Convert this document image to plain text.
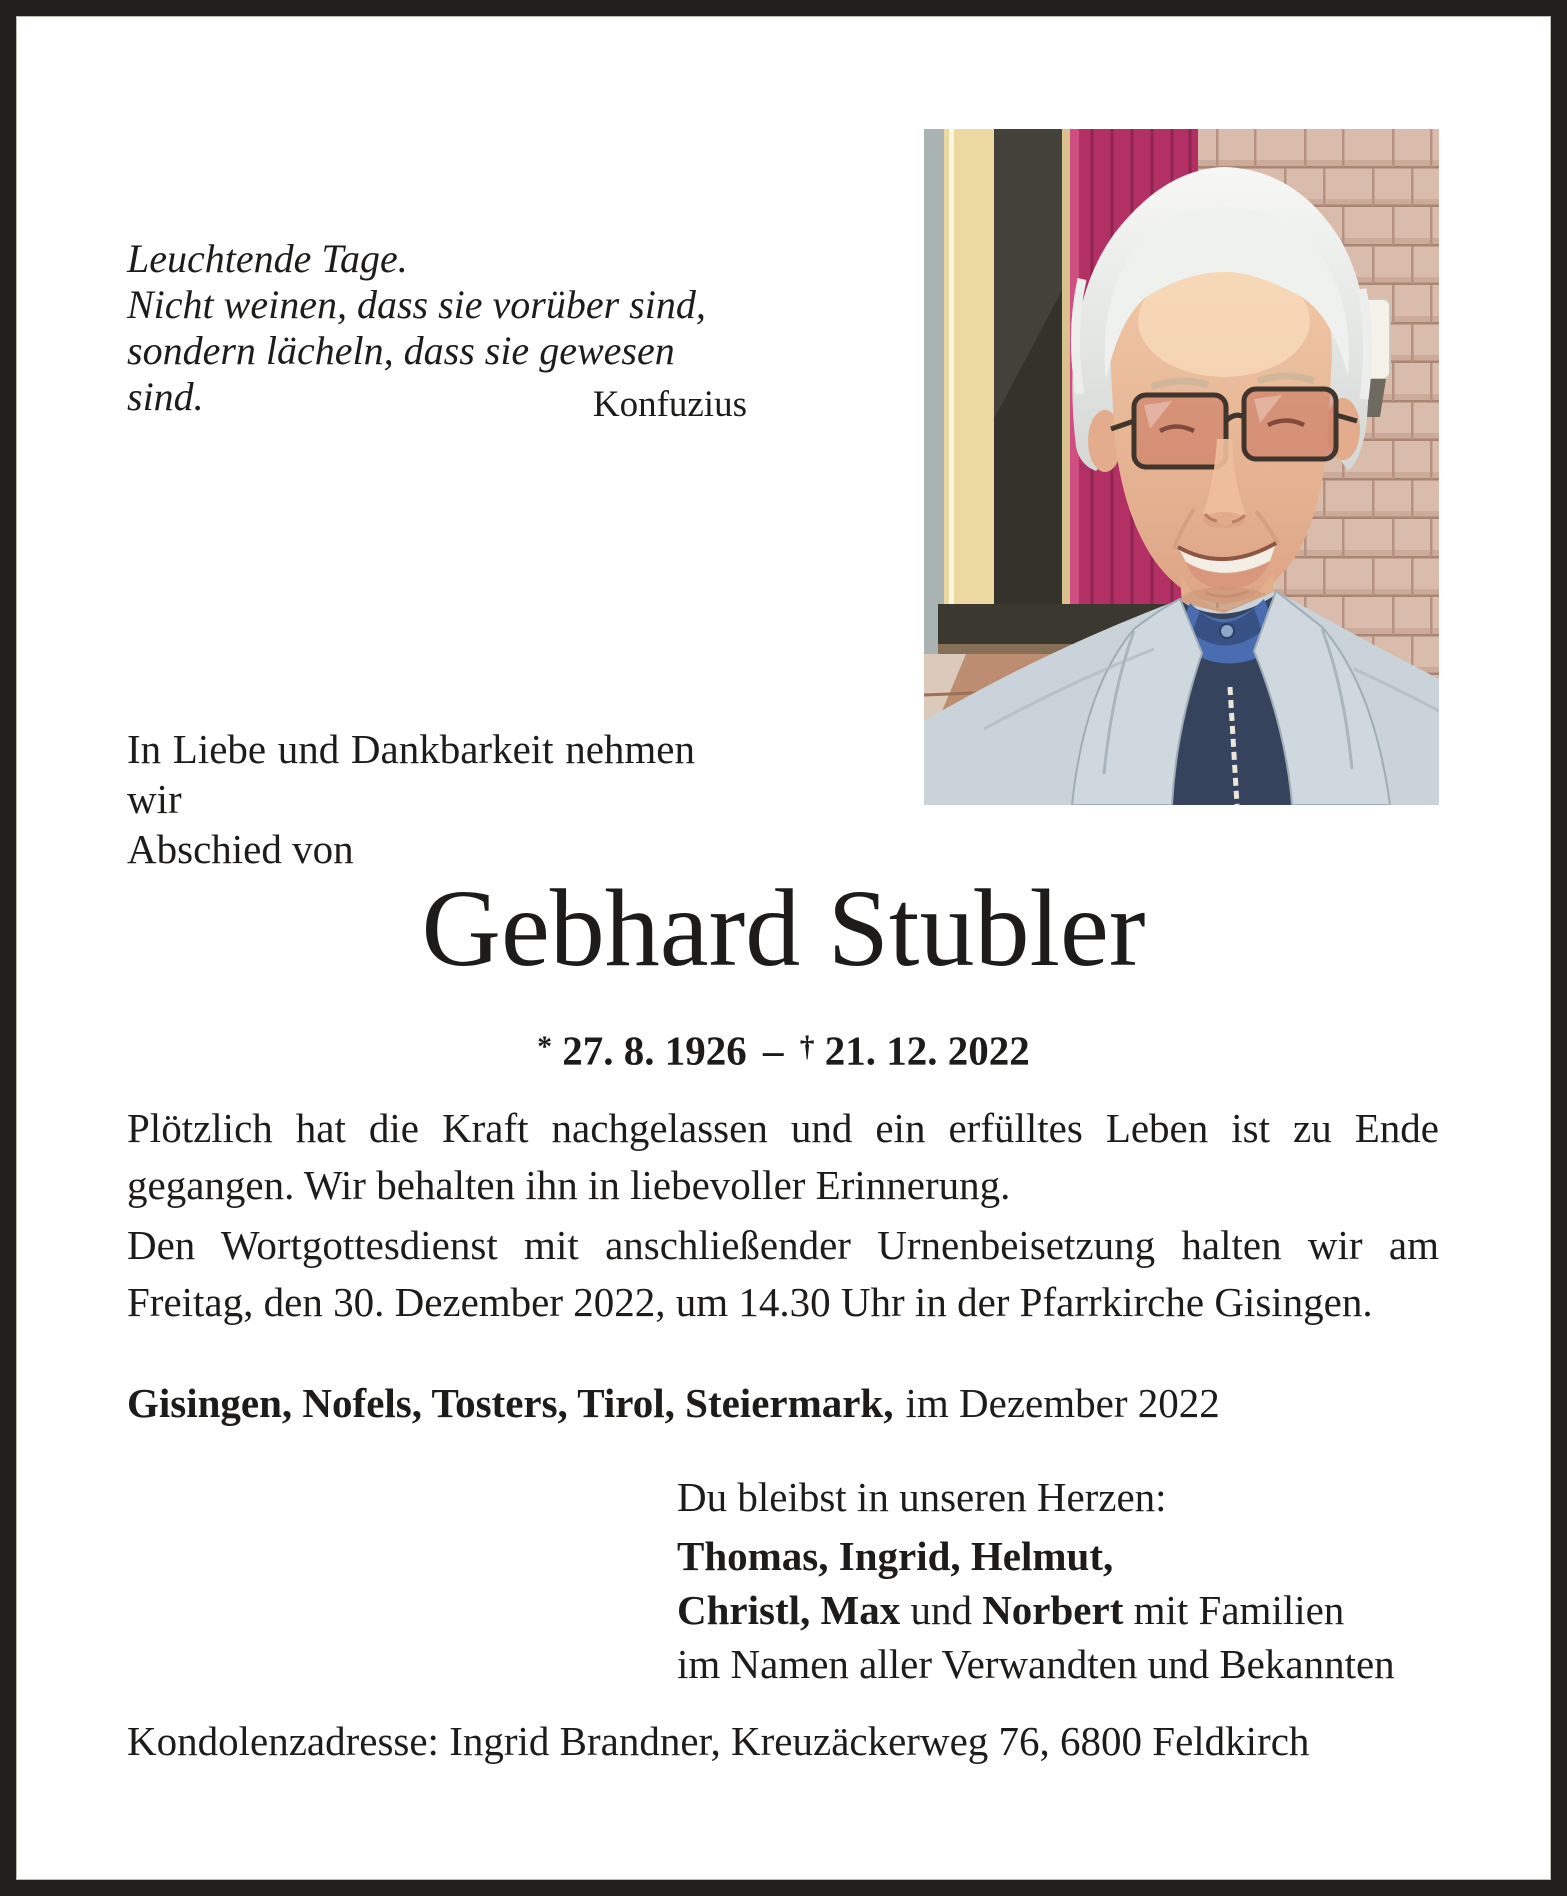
Leuchtende Tage.
Nicht weinen, dass sie vorüber sind,
sondern lächeln, dass sie gewesen sind.	Konfuzius
In Liebe und Dankbarkeit nehmen wir
Abschied von
Gebhard Stubler
* 27. 8. 1926 – † 21. 12. 2022
Plötzlich hat die Kraft nachgelassen und ein erfülltes Leben ist zu Ende
gegangen. Wir behalten ihn in liebevoller Erinnerung.
Den Wortgottesdienst mit anschließender Urnenbeisetzung halten wir am
Freitag, den 30. Dezember 2022, um 14.30 Uhr in der Pfarrkirche Gisingen.
Gisingen, Nofels, Tosters, Tirol, Steiermark, im Dezember 2022
Du bleibst in unseren Herzen:
Thomas, Ingrid, Helmut,
Christl, Max und Norbert mit Familien
im Namen aller Verwandten und Bekannten
Kondolenzadresse: Ingrid Brandner, Kreuzäckerweg 76, 6800 Feldkirch
